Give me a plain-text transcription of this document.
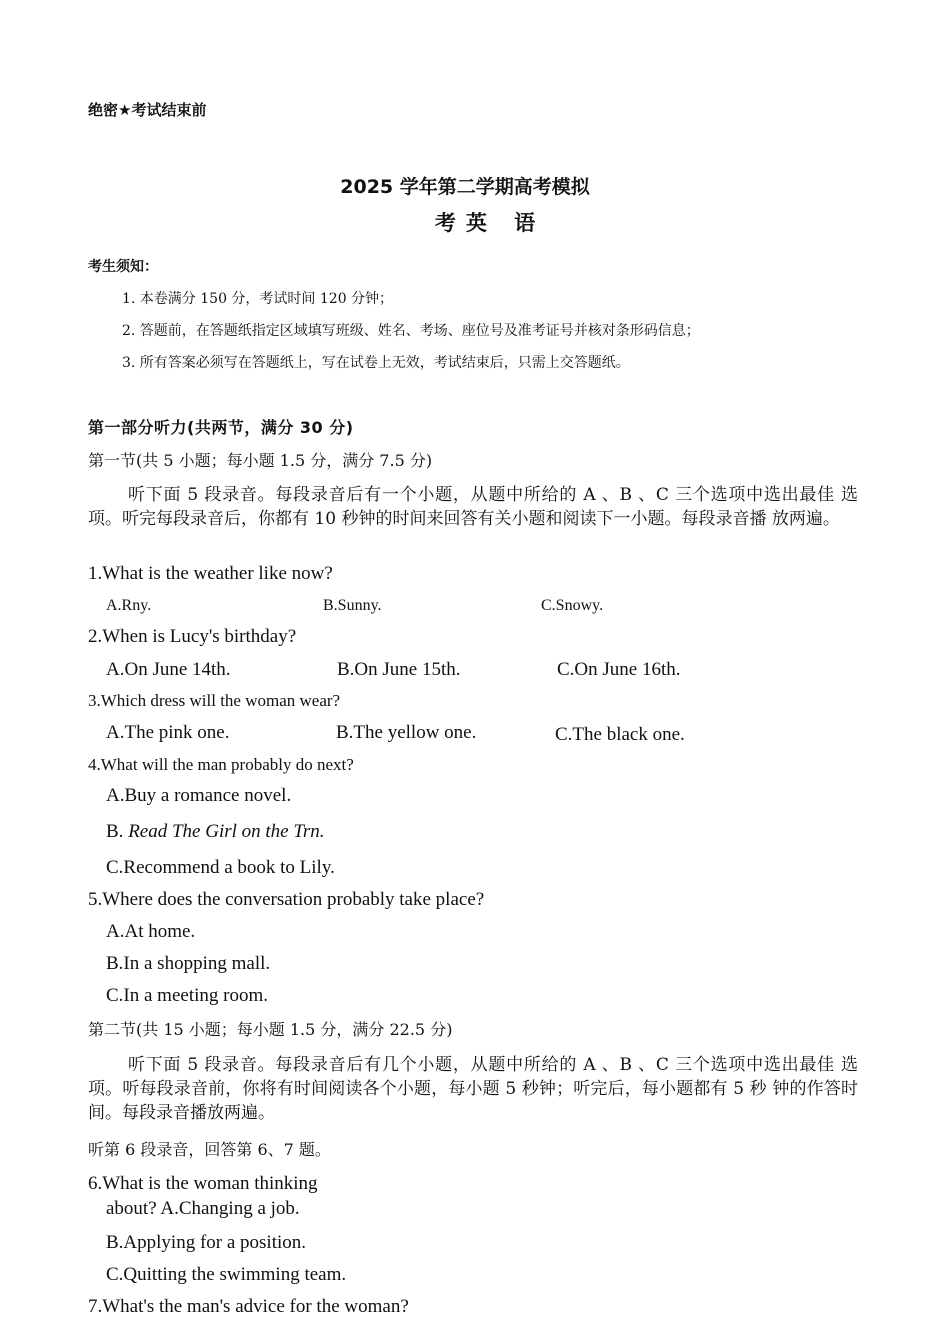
绝密★考试结束前
2025 学年第二学期高考模拟
考英 语
考生须知：
1. 本卷满分 150 分，考试时间 120 分钟；
2. 答题前，在答题纸指定区域填写班级、姓名、考场、座位号及准考证号并核对条形码信息；
3. 所有答案必须写在答题纸上，写在试卷上无效，考试结束后，只需上交答题纸。
第一部分听力(共两节，满分 30 分)
第一节(共 5 小题；每小题 1.5 分，满分 7.5 分)
听下面 5 段录音。每段录音后有一个小题，从题中所给的 A 、B 、C 三个选项中选出最佳 选项。听完每段录音后，你都有 10 秒钟的时间来回答有关小题和阅读下一小题。每段录音播 放两遍。
1.What is the weather like now?
A.Rny.	B.Sunny.	C.Snowy.
2.When is Lucy's birthday?
A.On June 14th.	B.On June 15th.	C.On June 16th.
3.Which dress will the woman wear?
A.The pink one.	B.The yellow one.	C.The black one.
4.What will the man probably do next?
A.Buy a romance novel.
B. Read The Girl on the Trn.
C.Recommend a book to Lily.
5.Where does the conversation probably take place?
A.At home.
B.In a shopping mall.
C.In a meeting room.
第二节(共 15 小题；每小题 1.5 分，满分 22.5 分)
听下面 5 段录音。每段录音后有几个小题，从题中所给的 A 、B 、C 三个选项中选出最佳 选项。听每段录音前，你将有时间阅读各个小题，每小题 5 秒钟；听完后，每小题都有 5 秒 钟的作答时间。每段录音播放两遍。
听第 6 段录音，回答第 6、7 题。
6.What is the woman thinking
about? A.Changing a job.
B.Applying for a position.
C.Quitting the swimming team.
7.What's the man's advice for the woman?
